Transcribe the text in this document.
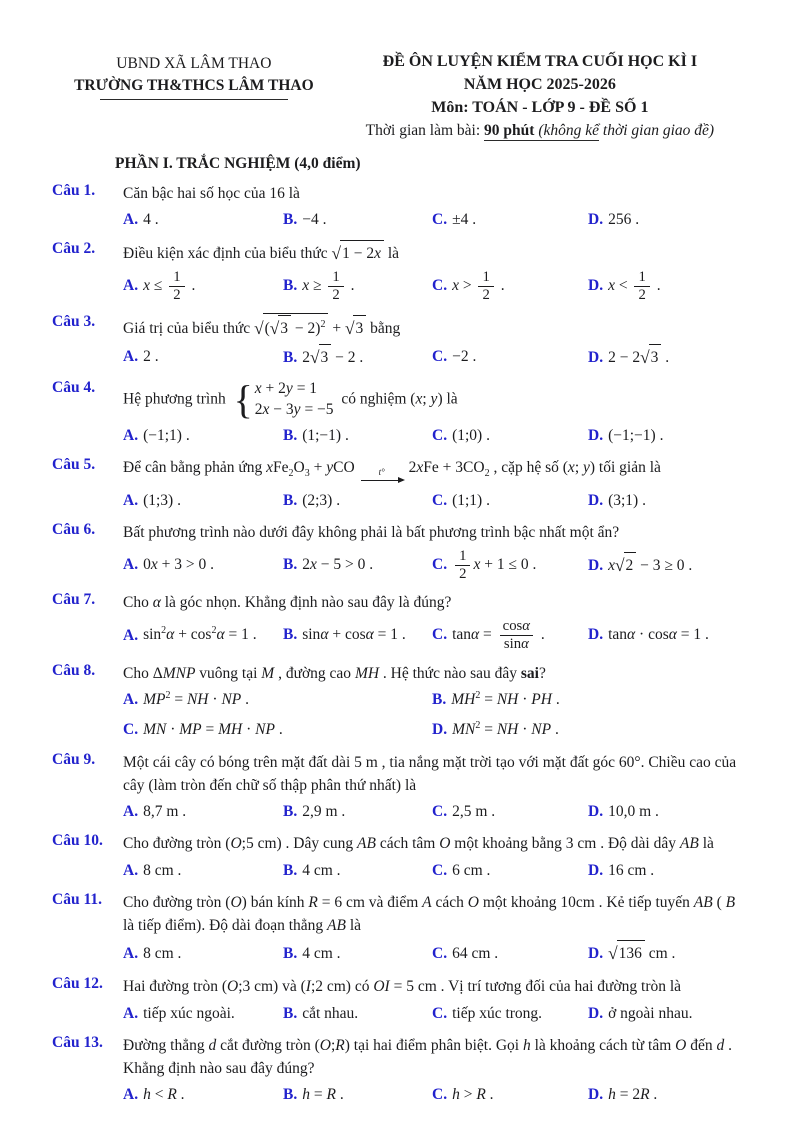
UBND XÃ LÂM THAO
TRƯỜNG TH&THCS LÂM THAO
ĐỀ ÔN LUYỆN KIỂM TRA CUỐI HỌC KÌ I
NĂM HỌC 2025-2026
Môn: TOÁN - LỚP 9 - ĐỀ SỐ 1
Thời gian làm bài: 90 phút (không kể thời gian giao đề)
PHẦN I. TRẮC NGHIỆM (4,0 điểm)
Câu 1.	Căn bậc hai số học của 16 là
A. 4 .	B. −4 .	C. ±4 .	D. 256 .
Câu 2.	Điều kiện xác định của biểu thức √1 − 2x là
A. $x \le \frac{1}{2}$ .	B. $x \ge \frac{1}{2}$ .	C. $x > \frac{1}{2}$ .	D. $x < \frac{1}{2}$ .
Câu 3.	Giá trị của biểu thức $√(√3 - 2)^2 + √3$ bằng
A. 2 .	B. 2√3 − 2 .	C. −2 .	D. 2 − 2√3 .
Câu 4.
Hệ phương trình { x + 2y = 1
2x − 3y = −5
có nghiệm (x; y) là
A. (−1;1) .	B. (1;−1) .	C. (1;0) .	D. (−1;−1) .
Câu 5.	Để cân bằng phản ứng $xFe_2O_3$ + yCO	t° $2xFe + 3CO_2$ , cặp hệ số (x; y) tối giản là
A. (1;3) .	B. (2;3) .	C. (1;1) .	D. (3;1) .
Câu 6.	Bất phương trình nào dưới đây không phải là bất phương trình bậc nhất một ẩn?
A. 0x + 3 > 0 .	B. 2x − 5 > 0 .	C. $\frac{1}{2}$ x + 1 ≤ 0 .	D. x√2 − 3 ≥ 0 .
Câu 7.	Cho α là góc nhọn. Khẳng định nào sau đây là đúng?
A. $\sin^2\alpha + \cos^2\alpha = 1$ .	B. sinα + cosα = 1 .	C. $\tan\alpha = \frac{\cos\alpha}{\sin\alpha}$ .	D. tanα · cosα = 1 .
Câu 8.	Cho ΔMNP vuông tại M , đường cao MH . Hệ thức nào sau đây sai?
A. $MP^2$ = NH · NP .	B. $MH^2$ = NH · PH .
C. MN · MP = MH · NP .	D. $MN^2$ = NH · NP .
Câu 9.	Một cái cây có bóng trên mặt đất dài 5 m , tia nắng mặt trời tạo với mặt đất góc 60°. Chiều cao của cây (làm tròn đến chữ số thập phân thứ nhất) là
A. 8,7 m .	B. 2,9 m .	C. 2,5 m .	D. 10,0 m .
Câu 10.	Cho đường tròn (O;5 cm) . Dây cung AB cách tâm O một khoảng bằng 3 cm . Độ dài dây AB là
A. 8 cm .	B. 4 cm .	C. 6 cm .	D. 16 cm .
Câu 11.	Cho đường tròn (O) bán kính R = 6 cm và điểm A cách O một khoảng 10cm . Kẻ tiếp tuyến AB ( B là tiếp điểm). Độ dài đoạn thẳng AB là
A. 8 cm .	B. 4 cm .	C. 64 cm .	D. √136 cm .
Câu 12.	Hai đường tròn (O;3 cm) và (I;2 cm) có OI = 5 cm . Vị trí tương đối của hai đường tròn là
A. tiếp xúc ngoài.	B. cắt nhau.	C. tiếp xúc trong.	D. ở ngoài nhau.
Câu 13.	Đường thẳng d cắt đường tròn (O;R) tại hai điểm phân biệt. Gọi h là khoảng cách từ tâm O đến d . Khẳng định nào sau đây đúng?
A. h < R .	B. h = R .	C. h > R .	D. h = 2R .
